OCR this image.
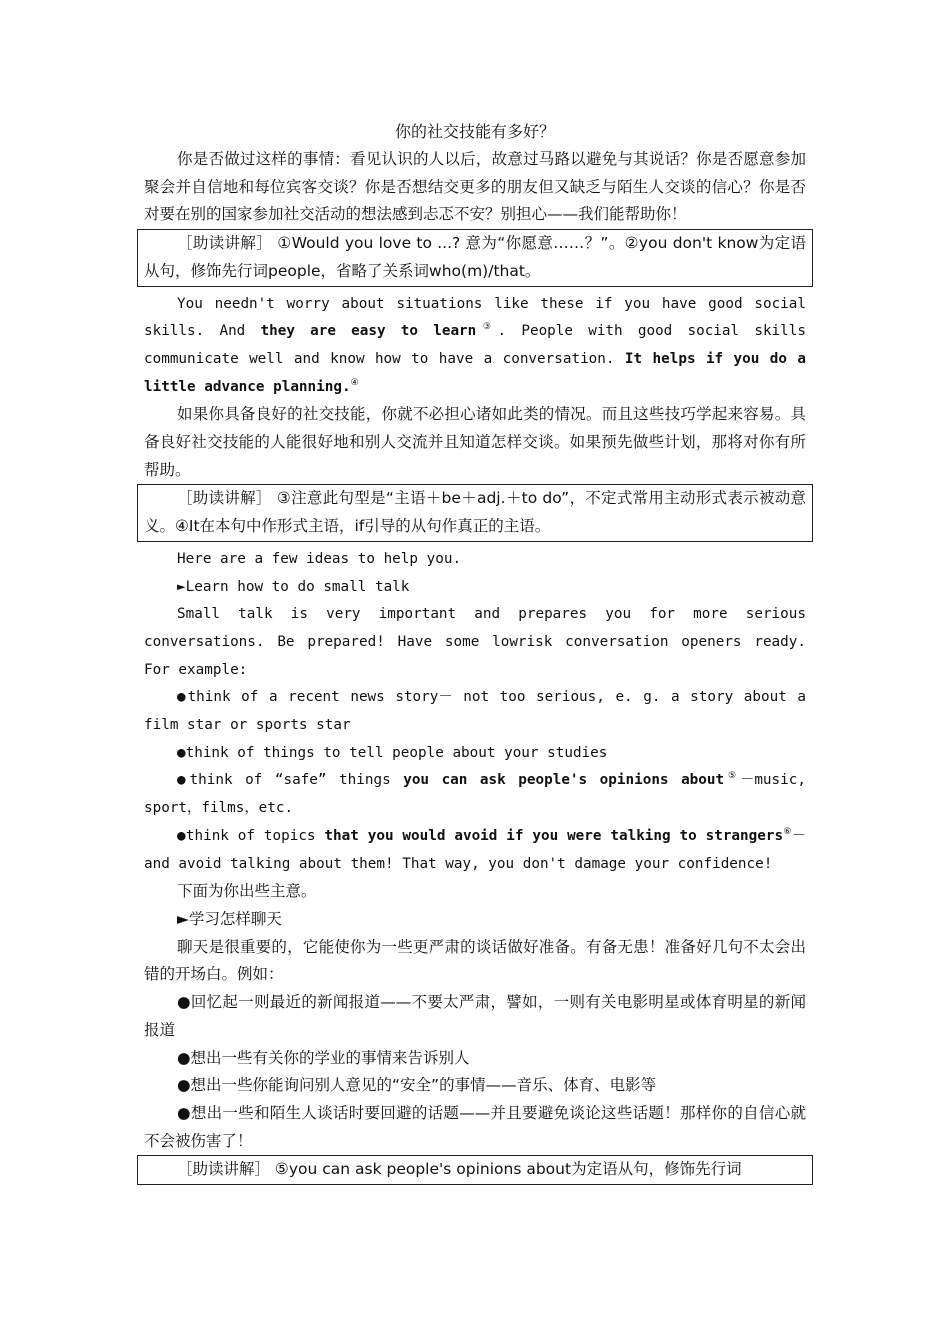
你的社交技能有多好？

你是否做过这样的事情：看见认识的人以后，故意过马路以避免与其说话？你是否愿意参加聚会并自信地和每位宾客交谈？你是否想结交更多的朋友但又缺乏与陌生人交谈的信心？你是否对要在别的国家参加社交活动的想法感到忐忑不安？别担心——我们能帮助你！

［助读讲解］ ①Would you love to ...? 意为“你愿意……？”。②you don't know为定语从句，修饰先行词people，省略了关系词who(m)/that。

You needn't worry about situations like these if you have good social skills. And they are easy to learn③. People with good social skills communicate well and know how to have a conversation. It helps if you do a little advance planning.④

如果你具备良好的社交技能，你就不必担心诸如此类的情况。而且这些技巧学起来容易。具备良好社交技能的人能很好地和别人交流并且知道怎样交谈。如果预先做些计划，那将对你有所帮助。

［助读讲解］ ③注意此句型是“主语＋be＋adj.＋to do”，不定式常用主动形式表示被动意义。④It在本句中作形式主语，if引导的从句作真正的主语。

Here are a few ideas to help you.

►Learn how to do small talk

Small talk is very important and prepares you for more serious conversations. Be prepared! Have some lowrisk conversation openers ready. For example:

●think of a recent news story－ not too serious, e. g. a story about a film star or sports star

●think of things to tell people about your studies

●think of “safe” things you can ask people's opinions about⑤－music, sport，films，etc.

●think of topics that you would avoid if you were talking to strangers⑥－and avoid talking about them! That way, you don't damage your confidence!

下面为你出些主意。

►学习怎样聊天

聊天是很重要的，它能使你为一些更严肃的谈话做好准备。有备无患！准备好几句不太会出错的开场白。例如：

●回忆起一则最近的新闻报道——不要太严肃，譬如，一则有关电影明星或体育明星的新闻报道

●想出一些有关你的学业的事情来告诉别人

●想出一些你能询问别人意见的“安全”的事情——音乐、体育、电影等

●想出一些和陌生人谈话时要回避的话题——并且要避免谈论这些话题！那样你的自信心就不会被伤害了！

［助读讲解］ ⑤you can ask people's opinions about为定语从句，修饰先行词
